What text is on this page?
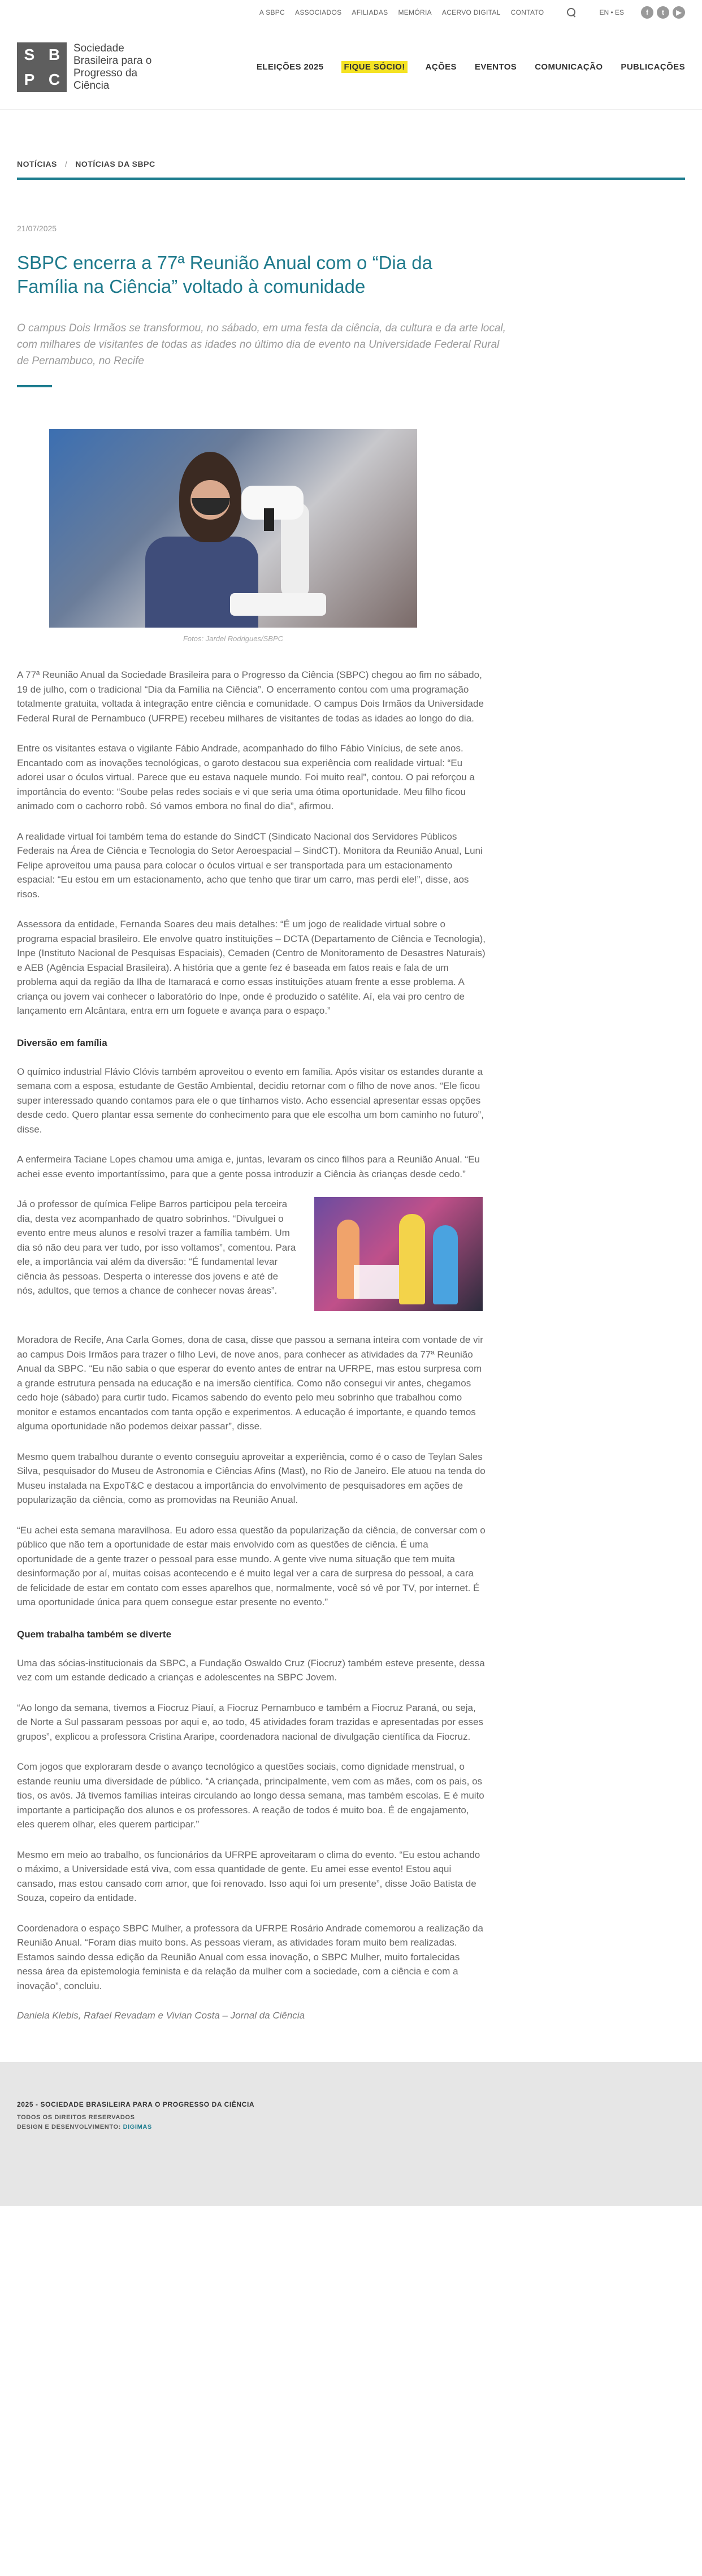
A SBPC ASSOCIADOS AFILIADAS MEMÓRIA ACERVO DIGITAL CONTATO	EN • ES	f	t	▶
S B
P C
Sociedade
Brasileira para o
Progresso da
Ciência
ELEIÇÕES 2025 FIQUE SÓCIO! AÇÕES EVENTOS COMUNICAÇÃO PUBLICAÇÕES
NOTÍCIAS / NOTÍCIAS DA SBPC
21/07/2025
SBPC encerra a 77ª Reunião Anual com o “Dia da Família na Ciência” voltado à comunidade
O campus Dois Irmãos se transformou, no sábado, em uma festa da ciência, da cultura e da arte local, com milhares de visitantes de todas as idades no último dia de evento na Universidade Federal Rural de Pernambuco, no Recife
Fotos: Jardel Rodrigues/SBPC

A 77ª Reunião Anual da Sociedade Brasileira para o Progresso da Ciência (SBPC) chegou ao fim no sábado, 19 de julho, com o tradicional “Dia da Família na Ciência”. O encerramento contou com uma programação totalmente gratuita, voltada à integração entre ciência e comunidade. O campus Dois Irmãos da Universidade Federal Rural de Pernambuco (UFRPE) recebeu milhares de visitantes de todas as idades ao longo do dia.

Entre os visitantes estava o vigilante Fábio Andrade, acompanhado do filho Fábio Vinícius, de sete anos. Encantado com as inovações tecnológicas, o garoto destacou sua experiência com realidade virtual: “Eu adorei usar o óculos virtual. Parece que eu estava naquele mundo. Foi muito real”, contou. O pai reforçou a importância do evento: “Soube pelas redes sociais e vi que seria uma ótima oportunidade. Meu filho ficou animado com o cachorro robô. Só vamos embora no final do dia”, afirmou.

A realidade virtual foi também tema do estande do SindCT (Sindicato Nacional dos Servidores Públicos Federais na Área de Ciência e Tecnologia do Setor Aeroespacial – SindCT). Monitora da Reunião Anual, Luni Felipe aproveitou uma pausa para colocar o óculos virtual e ser transportada para um estacionamento espacial: “Eu estou em um estacionamento, acho que tenho que tirar um carro, mas perdi ele!”, disse, aos risos.

Assessora da entidade, Fernanda Soares deu mais detalhes: “É um jogo de realidade virtual sobre o programa espacial brasileiro. Ele envolve quatro instituições – DCTA (Departamento de Ciência e Tecnologia), Inpe (Instituto Nacional de Pesquisas Espaciais), Cemaden (Centro de Monitoramento de Desastres Naturais) e AEB (Agência Espacial Brasileira). A história que a gente fez é baseada em fatos reais e fala de um problema aqui da região da Ilha de Itamaracá e como essas instituições atuam frente a esse problema. A criança ou jovem vai conhecer o laboratório do Inpe, onde é produzido o satélite. Aí, ela vai pro centro de lançamento em Alcântara, entra em um foguete e avança para o espaço.”

Diversão em família

O químico industrial Flávio Clóvis também aproveitou o evento em família. Após visitar os estandes durante a semana com a esposa, estudante de Gestão Ambiental, decidiu retornar com o filho de nove anos. “Ele ficou super interessado quando contamos para ele o que tínhamos visto. Acho essencial apresentar essas opções desde cedo. Quero plantar essa semente do conhecimento para que ele escolha um bom caminho no futuro”, disse.

A enfermeira Taciane Lopes chamou uma amiga e, juntas, levaram os cinco filhos para a Reunião Anual. “Eu achei esse evento importantíssimo, para que a gente possa introduzir a Ciência às crianças desde cedo.”

Já o professor de química Felipe Barros participou pela terceira dia, desta vez acompanhado de quatro sobrinhos. “Divulguei o evento entre meus alunos e resolvi trazer a família também. Um dia só não deu para ver tudo, por isso voltamos”, comentou. Para ele, a importância vai além da diversão: “É fundamental levar ciência às pessoas. Desperta o interesse dos jovens e até de nós, adultos, que temos a chance de conhecer novas áreas”.

Moradora de Recife, Ana Carla Gomes, dona de casa, disse que passou a semana inteira com vontade de vir ao campus Dois Irmãos para trazer o filho Levi, de nove anos, para conhecer as atividades da 77ª Reunião Anual da SBPC. “Eu não sabia o que esperar do evento antes de entrar na UFRPE, mas estou surpresa com a grande estrutura pensada na educação e na imersão científica. Como não consegui vir antes, chegamos cedo hoje (sábado) para curtir tudo. Ficamos sabendo do evento pelo meu sobrinho que trabalhou como monitor e estamos encantados com tanta opção e experimentos. A educação é importante, e quando temos alguma oportunidade não podemos deixar passar”, disse.

Mesmo quem trabalhou durante o evento conseguiu aproveitar a experiência, como é o caso de Teylan Sales Silva, pesquisador do Museu de Astronomia e Ciências Afins (Mast), no Rio de Janeiro. Ele atuou na tenda do Museu instalada na ExpoT&C e destacou a importância do envolvimento de pesquisadores em ações de popularização da ciência, como as promovidas na Reunião Anual.

“Eu achei esta semana maravilhosa. Eu adoro essa questão da popularização da ciência, de conversar com o público que não tem a oportunidade de estar mais envolvido com as questões de ciência. É uma oportunidade de a gente trazer o pessoal para esse mundo. A gente vive numa situação que tem muita desinformação por aí, muitas coisas acontecendo e é muito legal ver a cara de surpresa do pessoal, a cara de felicidade de estar em contato com esses aparelhos que, normalmente, você só vê por TV, por internet. É uma oportunidade única para quem consegue estar presente no evento.”

Quem trabalha também se diverte

Uma das sócias-institucionais da SBPC, a Fundação Oswaldo Cruz (Fiocruz) também esteve presente, dessa vez com um estande dedicado a crianças e adolescentes na SBPC Jovem.

“Ao longo da semana, tivemos a Fiocruz Piauí, a Fiocruz Pernambuco e também a Fiocruz Paraná, ou seja, de Norte a Sul passaram pessoas por aqui e, ao todo, 45 atividades foram trazidas e apresentadas por esses grupos”, explicou a professora Cristina Araripe, coordenadora nacional de divulgação científica da Fiocruz.

Com jogos que exploraram desde o avanço tecnológico a questões sociais, como dignidade menstrual, o estande reuniu uma diversidade de público. “A criançada, principalmente, vem com as mães, com os pais, os tios, os avós. Já tivemos famílias inteiras circulando ao longo dessa semana, mas também escolas. E é muito importante a participação dos alunos e os professores. A reação de todos é muito boa. É de engajamento, eles querem olhar, eles querem participar.”

Mesmo em meio ao trabalho, os funcionários da UFRPE aproveitaram o clima do evento. “Eu estou achando o máximo, a Universidade está viva, com essa quantidade de gente. Eu amei esse evento! Estou aqui cansado, mas estou cansado com amor, que foi renovado. Isso aqui foi um presente”, disse João Batista de Souza, copeiro da entidade.

Coordenadora o espaço SBPC Mulher, a professora da UFRPE Rosário Andrade comemorou a realização da Reunião Anual. “Foram dias muito bons. As pessoas vieram, as atividades foram muito bem realizadas. Estamos saindo dessa edição da Reunião Anual com essa inovação, o SBPC Mulher, muito fortalecidas nessa área da epistemologia feminista e da relação da mulher com a sociedade, com a ciência e com a inovação”, concluiu.

Daniela Klebis, Rafael Revadam e Vivian Costa – Jornal da Ciência
2025 - SOCIEDADE BRASILEIRA PARA O PROGRESSO DA CIÊNCIA
TODOS OS DIREITOS RESERVADOS
DESIGN E DESENVOLVIMENTO: DIGIMAS
